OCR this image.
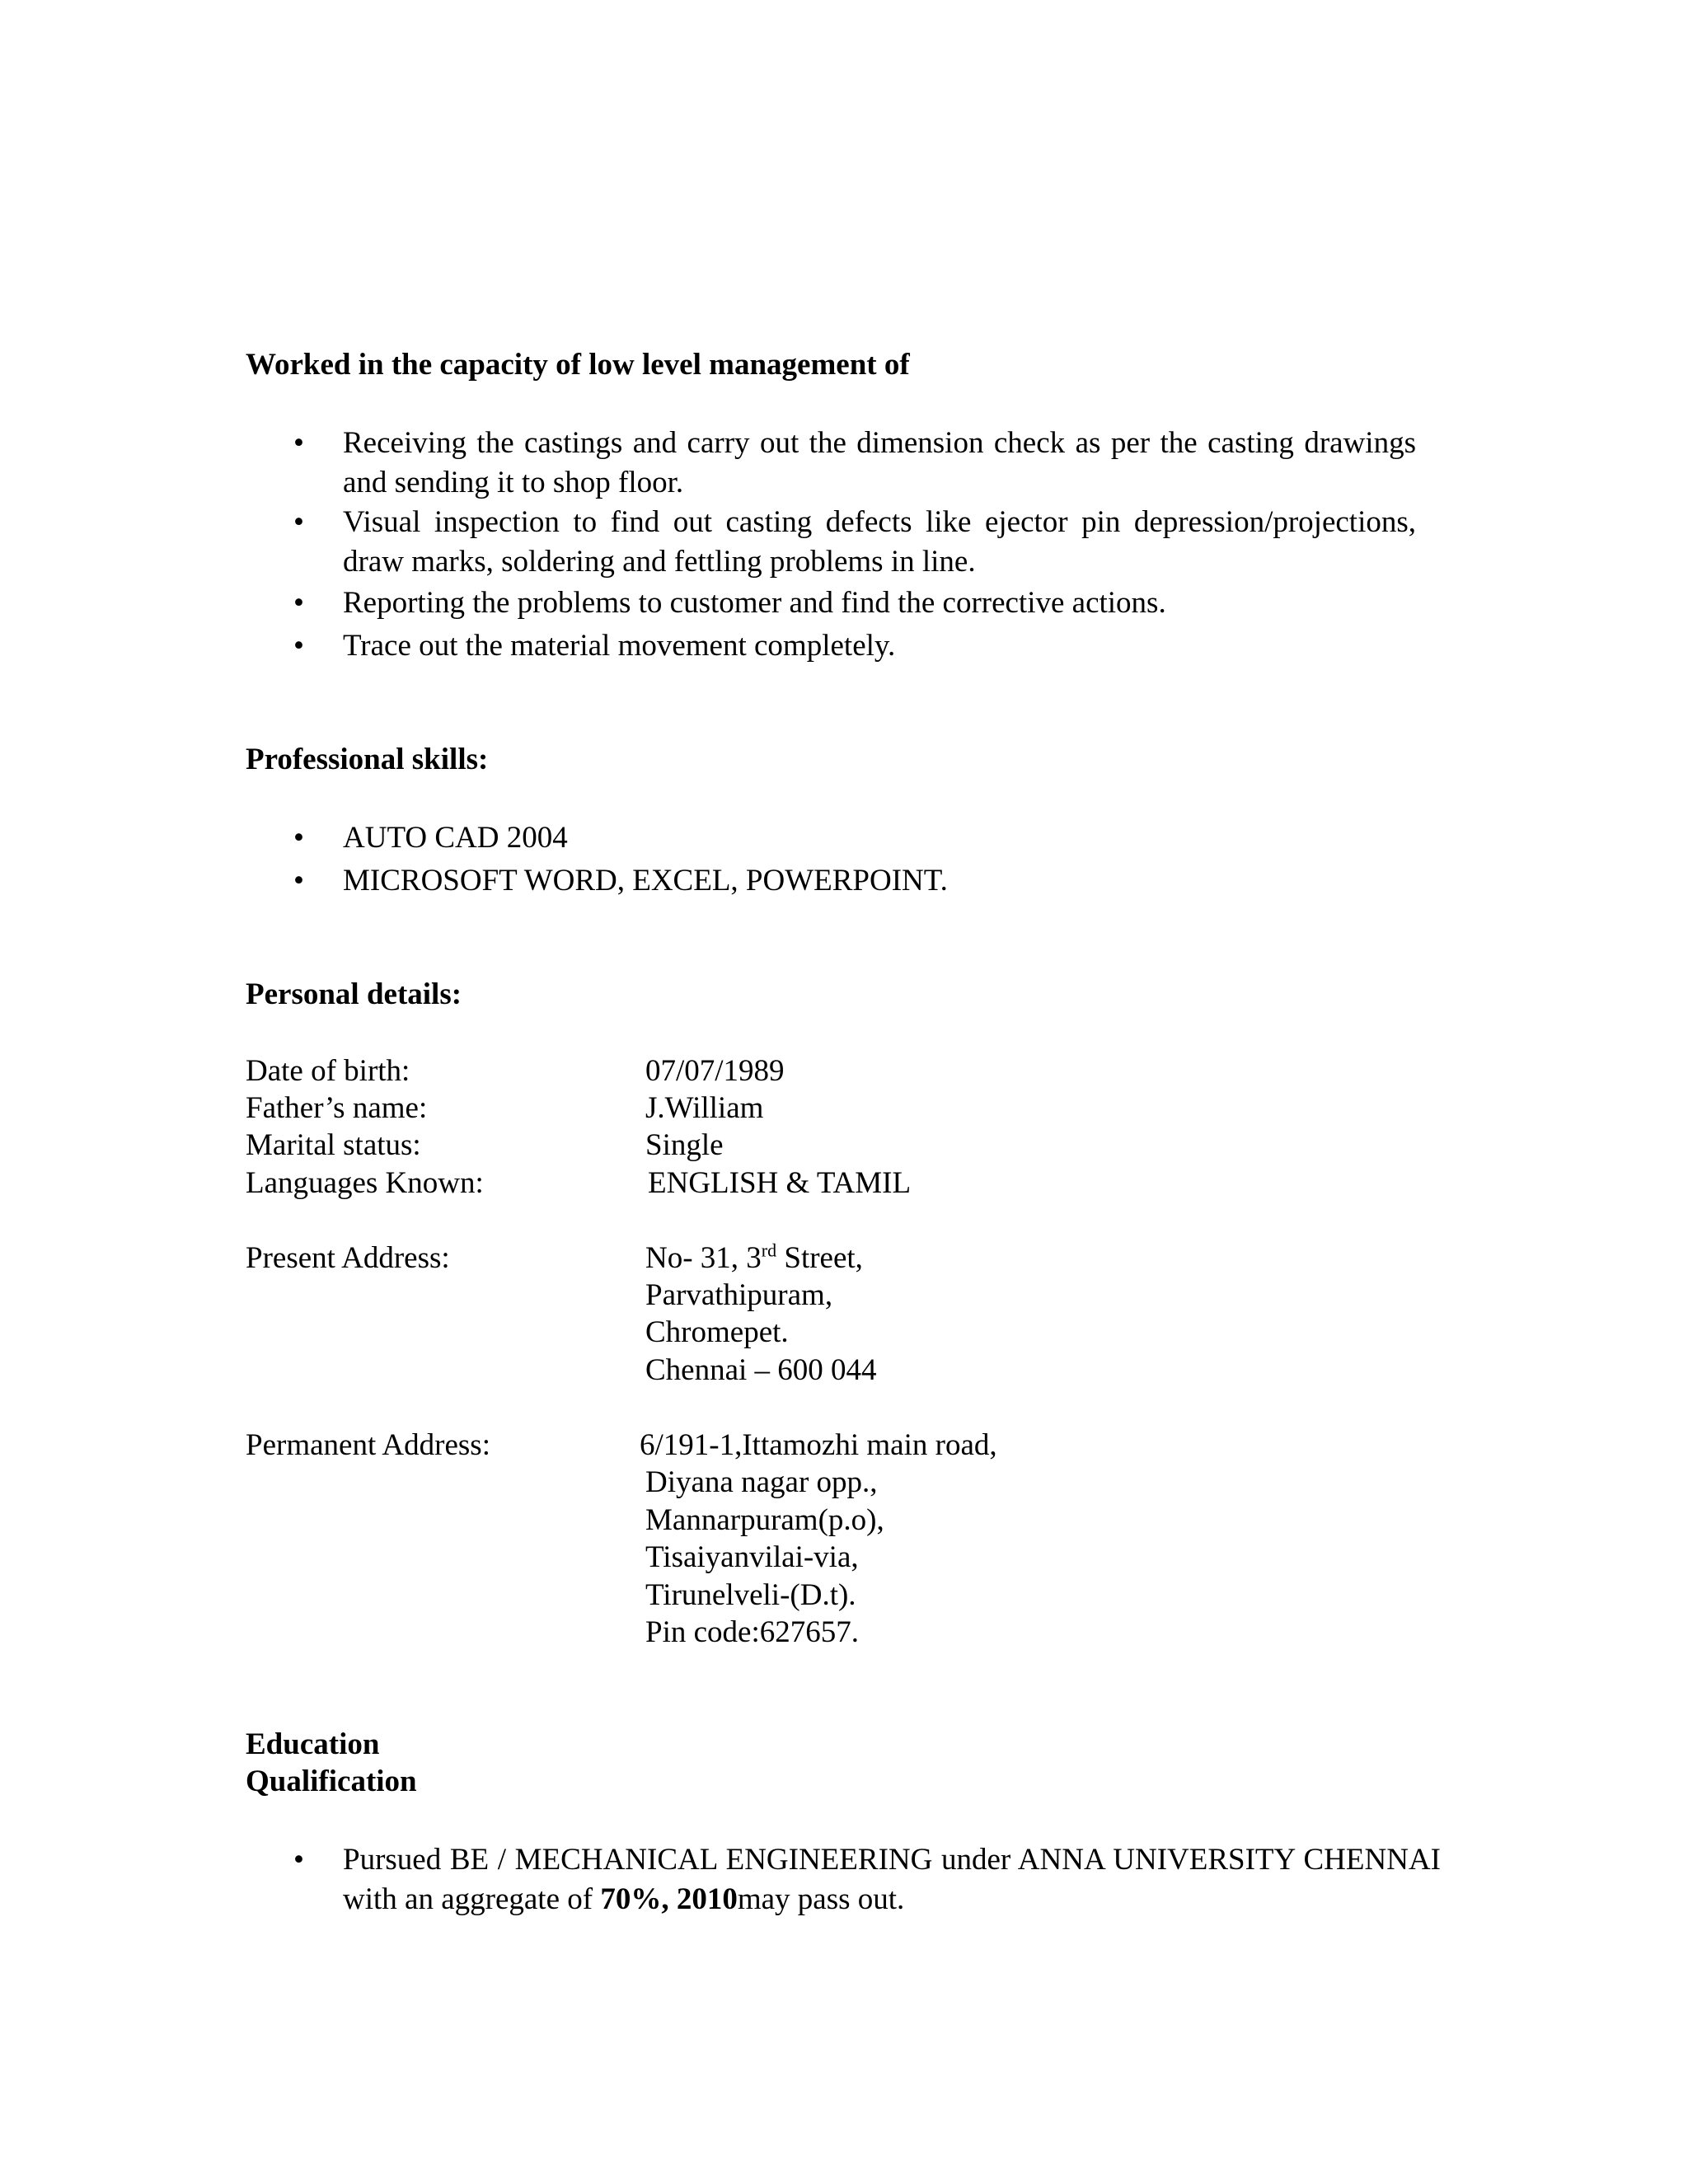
Worked in the capacity of low level management of

• Receiving the castings and carry out the dimension check as per the casting drawings and sending it to shop floor.
• Visual inspection to find out casting defects like ejector pin depression/projections, draw marks, soldering and fettling problems in line.
• Reporting the problems to customer and find the corrective actions.
• Trace out the material movement completely.

Professional skills:

• AUTO CAD 2004
• MICROSOFT WORD, EXCEL, POWERPOINT.

Personal details:

Date of birth:	07/07/1989
Father’s name:	J.William
Marital status:	Single
Languages Known:	ENGLISH & TAMIL
Present Address:	No- 31, 3rd Street,
Parvathipuram,
Chromepet.
Chennai – 600 044
Permanent Address:	6/191-1,Ittamozhi main road,
Diyana nagar opp.,
Mannarpuram(p.o),
Tisaiyanvilai-via,
Tirunelveli-(D.t).
Pin code:627657.

Education

Qualification

• Pursued BE / MECHANICAL ENGINEERING under ANNA UNIVERSITY CHENNAI with an aggregate of 70%, 2010may pass out.
